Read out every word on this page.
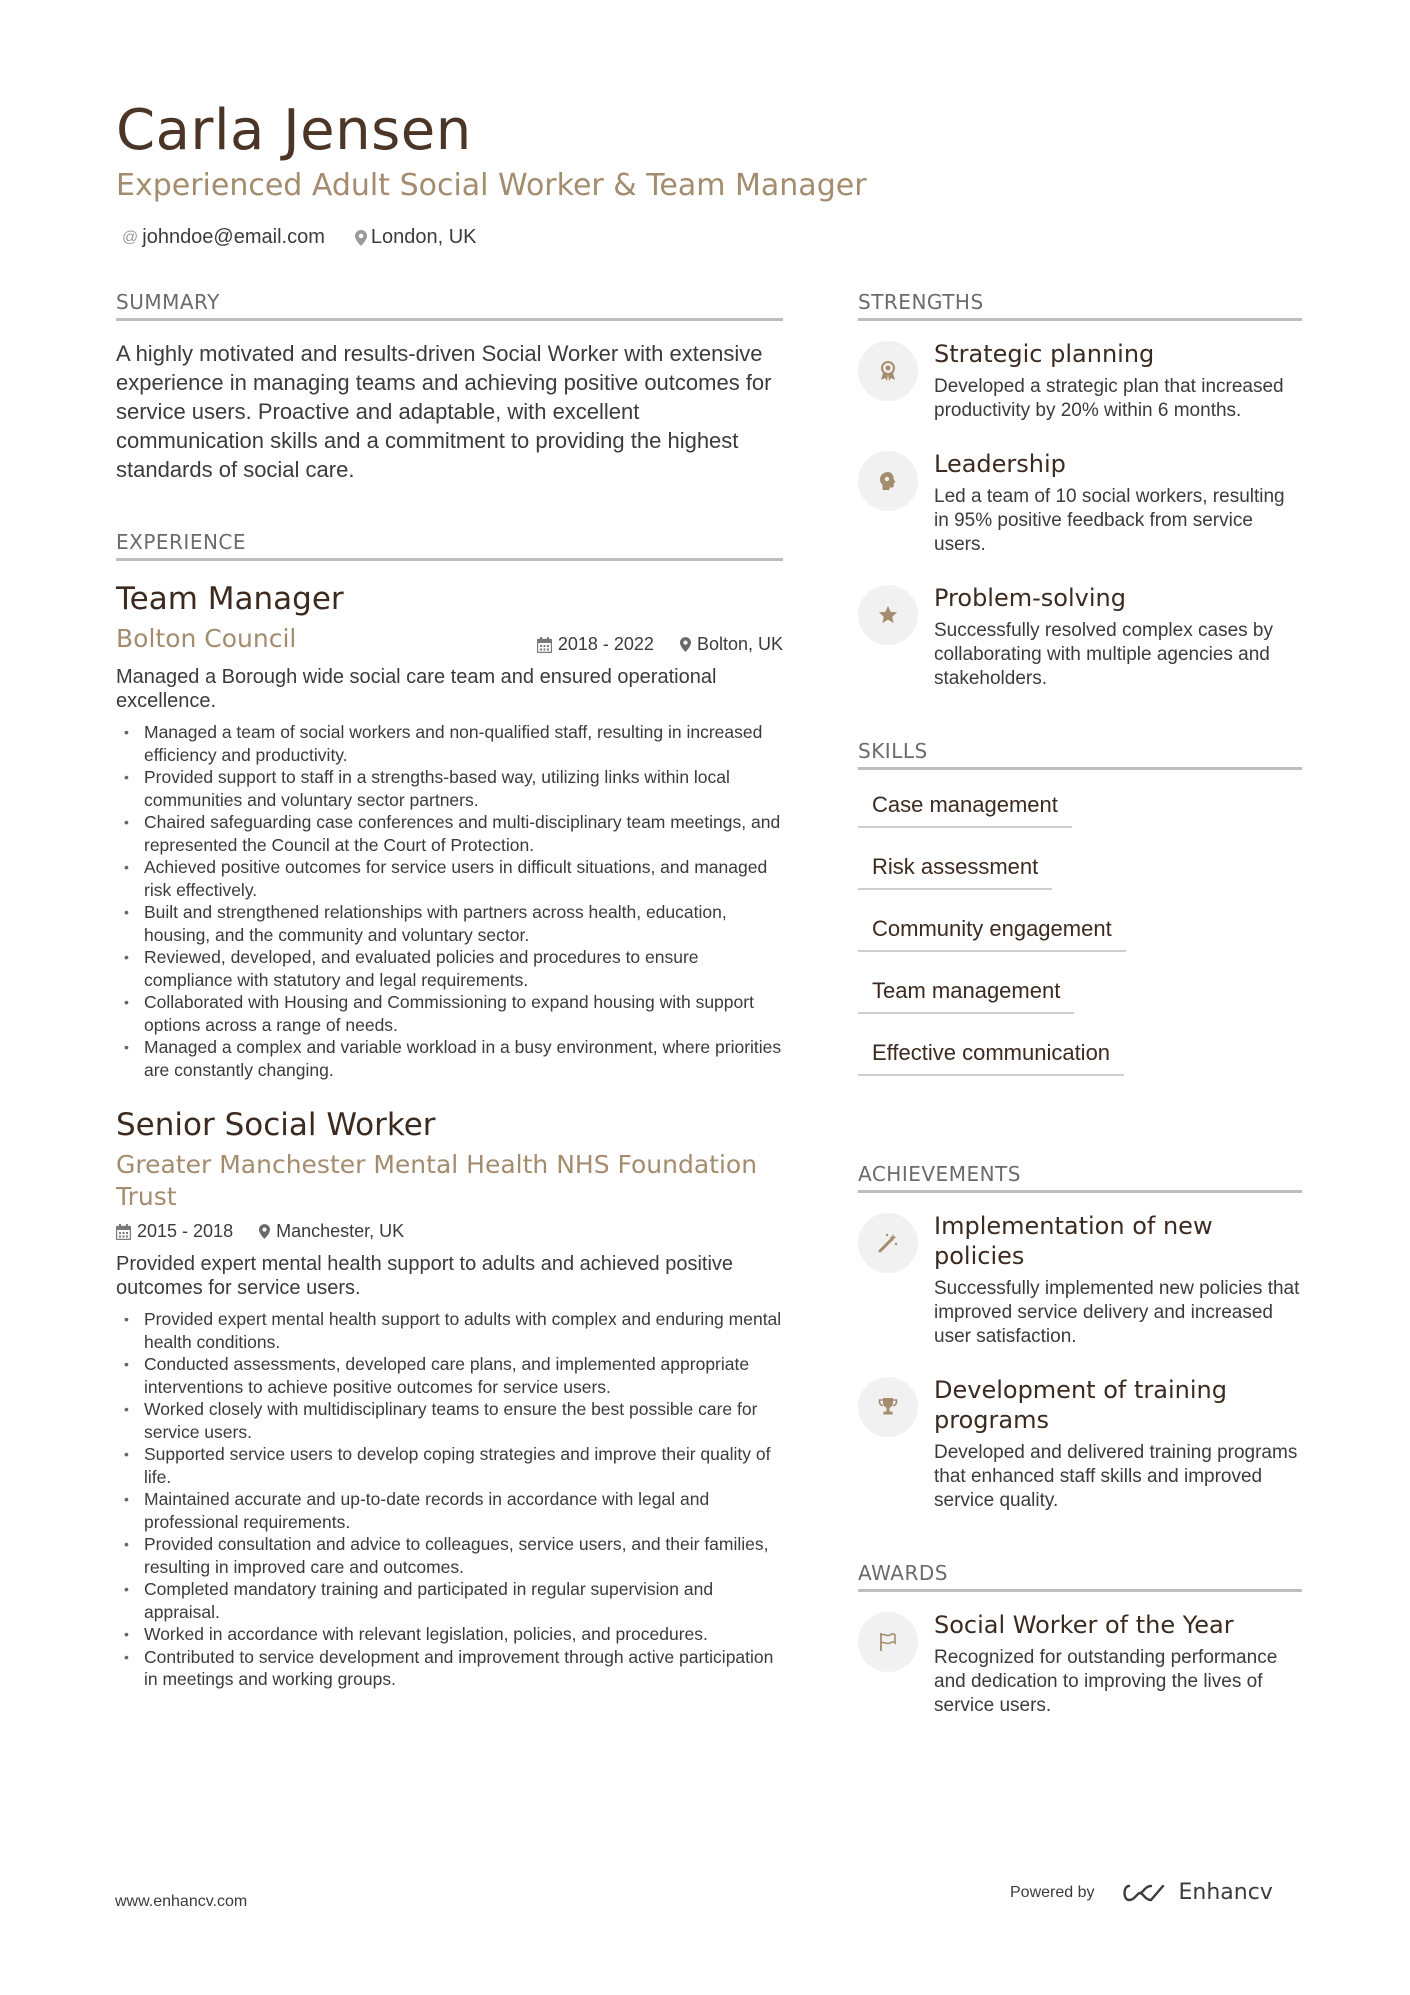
Carla Jensen
Experienced Adult Social Worker & Team Manager
@ johndoe@email.com London, UK
SUMMARY

A highly motivated and results-driven Social Worker with extensive experience in managing teams and achieving positive outcomes for service users. Proactive and adaptable, with excellent communication skills and a commitment to providing the highest standards of social care.

EXPERIENCE
Team Manager
Bolton Council	2018 - 2022 Bolton, UK
Managed a Borough wide social care team and ensured operational excellence.
• Managed a team of social workers and non-qualified staff, resulting in increased efficiency and productivity.
• Provided support to staff in a strengths-based way, utilizing links within local communities and voluntary sector partners.
• Chaired safeguarding case conferences and multi-disciplinary team meetings, and represented the Council at the Court of Protection.
• Achieved positive outcomes for service users in difficult situations, and managed risk effectively.
• Built and strengthened relationships with partners across health, education, housing, and the community and voluntary sector.
• Reviewed, developed, and evaluated policies and procedures to ensure compliance with statutory and legal requirements.
• Collaborated with Housing and Commissioning to expand housing with support options across a range of needs.
• Managed a complex and variable workload in a busy environment, where priorities are constantly changing.
Senior Social Worker
Greater Manchester Mental Health NHS Foundation Trust
2015 - 2018 Manchester, UK
Provided expert mental health support to adults and achieved positive outcomes for service users.
• Provided expert mental health support to adults with complex and enduring mental health conditions.
• Conducted assessments, developed care plans, and implemented appropriate interventions to achieve positive outcomes for service users.
• Worked closely with multidisciplinary teams to ensure the best possible care for service users.
• Supported service users to develop coping strategies and improve their quality of life.
• Maintained accurate and up-to-date records in accordance with legal and professional requirements.
• Provided consultation and advice to colleagues, service users, and their families, resulting in improved care and outcomes.
• Completed mandatory training and participated in regular supervision and appraisal.
• Worked in accordance with relevant legislation, policies, and procedures.
• Contributed to service development and improvement through active participation in meetings and working groups.
STRENGTHS
Strategic planning
Developed a strategic plan that increased productivity by 20% within 6 months.
Leadership
Led a team of 10 social workers, resulting in 95% positive feedback from service users.
Problem-solving
Successfully resolved complex cases by collaborating with multiple agencies and stakeholders.
SKILLS
Case management
Risk assessment
Community engagement
Team management
Effective communication
ACHIEVEMENTS
Implementation of new policies
Successfully implemented new policies that improved service delivery and increased user satisfaction.
Development of training programs
Developed and delivered training programs that enhanced staff skills and improved service quality.
AWARDS
Social Worker of the Year
Recognized for outstanding performance and dedication to improving the lives of service users.
www.enhancv.com
Powered by	Enhancv
